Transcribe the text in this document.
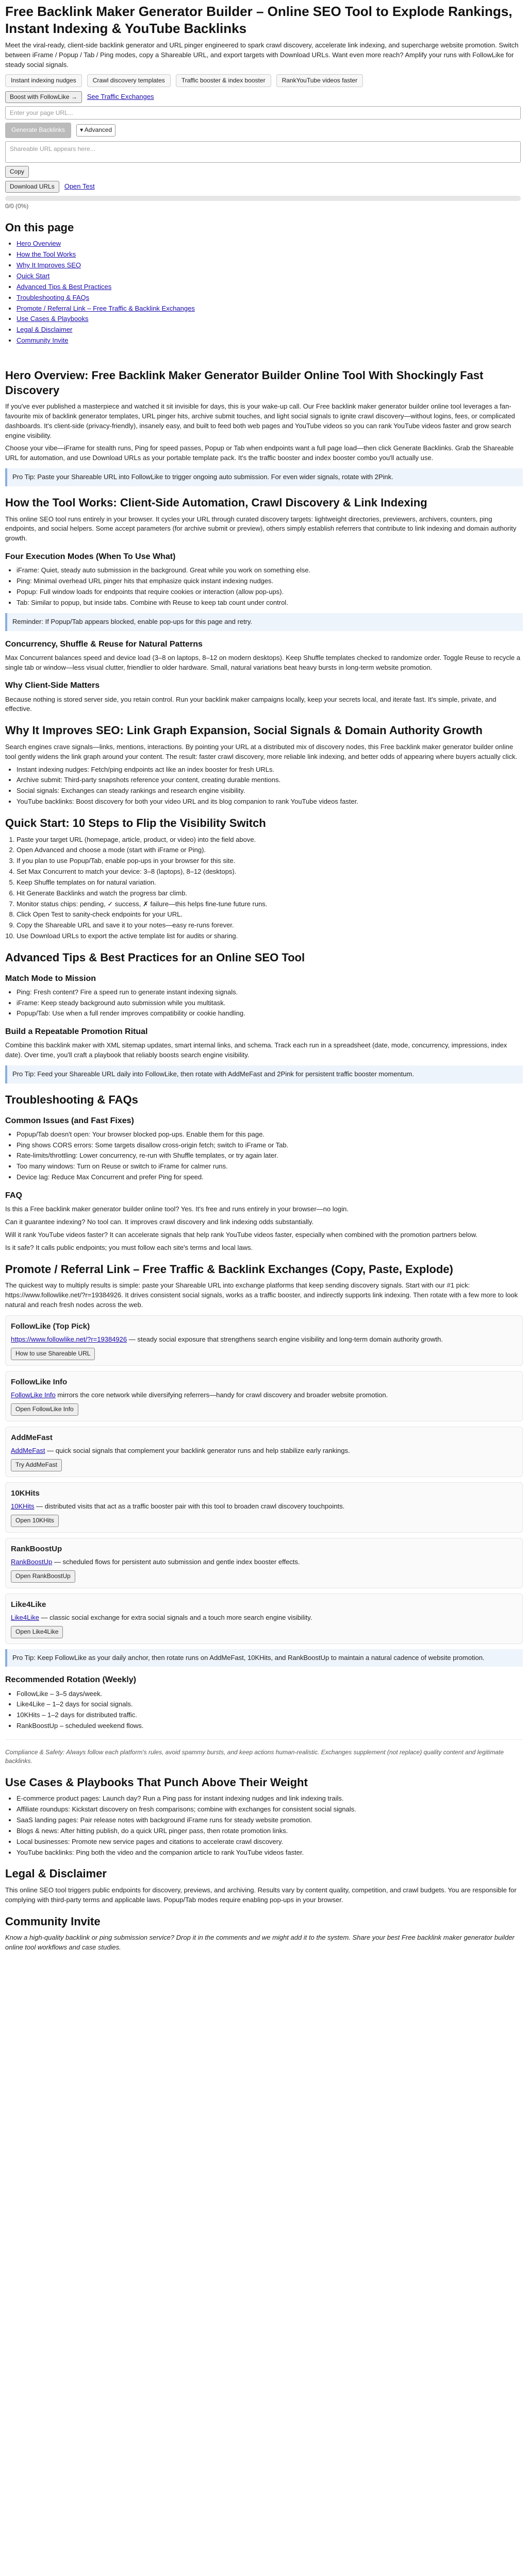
Free Backlink Maker Generator Builder – Online SEO Tool to Explode Rankings, Instant Indexing & YouTube Backlinks

Meet the viral-ready, client-side backlink generator and URL pinger engineered to spark crawl discovery, accelerate link indexing, and supercharge website promotion. Switch between iFrame / Popup / Tab / Ping modes, copy a Shareable URL, and export targets with Download URLs. Want even more reach? Amplify your runs with FollowLike for steady social signals.

Instant indexing nudges	Crawl discovery templates	Traffic booster & index booster	RankYouTube videos faster
Boost with FollowLike →	See Traffic Exchanges
Enter your page URL...
Generate Backlinks	▾ Advanced
Shareable URL appears here...
Copy
Download URLs	Open Test
0/0 (0%)
On this page
• Hero Overview
• How the Tool Works
• Why It Improves SEO
• Quick Start
• Advanced Tips & Best Practices
• Troubleshooting & FAQs
• Promote / Referral Link – Free Traffic & Backlink Exchanges
• Use Cases & Playbooks
• Legal & Disclaimer
• Community Invite
Hero Overview: Free Backlink Maker Generator Builder Online Tool With Shockingly Fast Discovery

If you've ever published a masterpiece and watched it sit invisible for days, this is your wake-up call. Our Free backlink maker generator builder online tool leverages a fan-favourite mix of backlink generator templates, URL pinger hits, archive submit touches, and light social signals to ignite crawl discovery—without logins, fees, or complicated dashboards. It's client-side (privacy-friendly), insanely easy, and built to feed both web pages and YouTube videos so you can rank YouTube videos faster and grow search engine visibility.

Choose your vibe—iFrame for stealth runs, Ping for speed passes, Popup or Tab when endpoints want a full page load—then click Generate Backlinks. Grab the Shareable URL for automation, and use Download URLs as your portable template pack. It's the traffic booster and index booster combo you'll actually use.

Pro Tip: Paste your Shareable URL into FollowLike to trigger ongoing auto submission. For even wider signals, rotate with 2Pink.
How the Tool Works: Client-Side Automation, Crawl Discovery & Link Indexing

This online SEO tool runs entirely in your browser. It cycles your URL through curated discovery targets: lightweight directories, previewers, archivers, counters, ping endpoints, and social helpers. Some accept parameters (for archive submit or preview), others simply establish referrers that contribute to link indexing and domain authority growth.

Four Execution Modes (When To Use What)
• iFrame: Quiet, steady auto submission in the background. Great while you work on something else.
• Ping: Minimal overhead URL pinger hits that emphasize quick instant indexing nudges.
• Popup: Full window loads for endpoints that require cookies or interaction (allow pop-ups).
• Tab: Similar to popup, but inside tabs. Combine with Reuse to keep tab count under control.
Reminder: If Popup/Tab appears blocked, enable pop-ups for this page and retry.
Concurrency, Shuffle & Reuse for Natural Patterns

Max Concurrent balances speed and device load (3–8 on laptops, 8–12 on modern desktops). Keep Shuffle templates checked to randomize order. Toggle Reuse to recycle a single tab or window—less visual clutter, friendlier to older hardware. Small, natural variations beat heavy bursts in long-term website promotion.

Why Client-Side Matters

Because nothing is stored server side, you retain control. Run your backlink maker campaigns locally, keep your secrets local, and iterate fast. It's simple, private, and effective.

Why It Improves SEO: Link Graph Expansion, Social Signals & Domain Authority Growth

Search engines crave signals—links, mentions, interactions. By pointing your URL at a distributed mix of discovery nodes, this Free backlink maker generator builder online tool gently widens the link graph around your content. The result: faster crawl discovery, more reliable link indexing, and better odds of appearing where buyers actually click.

• Instant indexing nudges: Fetch/ping endpoints act like an index booster for fresh URLs.
• Archive submit: Third-party snapshots reference your content, creating durable mentions.
• Social signals: Exchanges can steady rankings and research engine visibility.
• YouTube backlinks: Boost discovery for both your video URL and its blog companion to rank YouTube videos faster.
Quick Start: 10 Steps to Flip the Visibility Switch
1. Paste your target URL (homepage, article, product, or video) into the field above.
2. Open Advanced and choose a mode (start with iFrame or Ping).
3. If you plan to use Popup/Tab, enable pop-ups in your browser for this site.
4. Set Max Concurrent to match your device: 3–8 (laptops), 8–12 (desktops).
5. Keep Shuffle templates on for natural variation.
6. Hit Generate Backlinks and watch the progress bar climb.
7. Monitor status chips: pending, ✓ success, ✗ failure—this helps fine-tune future runs.
8. Click Open Test to sanity-check endpoints for your URL.
9. Copy the Shareable URL and save it to your notes—easy re-runs forever.
10. Use Download URLs to export the active template list for audits or sharing.
Advanced Tips & Best Practices for an Online SEO Tool
Match Mode to Mission
• Ping: Fresh content? Fire a speed run to generate instant indexing signals.
• iFrame: Keep steady background auto submission while you multitask.
• Popup/Tab: Use when a full render improves compatibility or cookie handling.
Build a Repeatable Promotion Ritual

Combine this backlink maker with XML sitemap updates, smart internal links, and schema. Track each run in a spreadsheet (date, mode, concurrency, impressions, index date). Over time, you'll craft a playbook that reliably boosts search engine visibility.

Pro Tip: Feed your Shareable URL daily into FollowLike, then rotate with AddMeFast and 2Pink for persistent traffic booster momentum.
Troubleshooting & FAQs
Common Issues (and Fast Fixes)
• Popup/Tab doesn't open: Your browser blocked pop-ups. Enable them for this page.
• Ping shows CORS errors: Some targets disallow cross-origin fetch; switch to iFrame or Tab.
• Rate-limits/throttling: Lower concurrency, re-run with Shuffle templates, or try again later.
• Too many windows: Turn on Reuse or switch to iFrame for calmer runs.
• Device lag: Reduce Max Concurrent and prefer Ping for speed.
FAQ

Is this a Free backlink maker generator builder online tool? Yes. It's free and runs entirely in your browser—no login.

Can it guarantee indexing? No tool can. It improves crawl discovery and link indexing odds substantially.

Will it rank YouTube videos faster? It can accelerate signals that help rank YouTube videos faster, especially when combined with the promotion partners below.

Is it safe? It calls public endpoints; you must follow each site's terms and local laws.

Promote / Referral Link – Free Traffic & Backlink Exchanges (Copy, Paste, Explode)

The quickest way to multiply results is simple: paste your Shareable URL into exchange platforms that keep sending discovery signals. Start with our #1 pick: https://www.followlike.net/?r=19384926. It drives consistent social signals, works as a traffic booster, and indirectly supports link indexing. Then rotate with a few more to look natural and reach fresh nodes across the web.

FollowLike (Top Pick)

https://www.followlike.net/?r=19384926 — steady social exposure that strengthens search engine visibility and long-term domain authority growth.

How to use Shareable URL
FollowLike Info

FollowLike Info mirrors the core network while diversifying referrers—handy for crawl discovery and broader website promotion.

Open FollowLike Info
AddMeFast

AddMeFast — quick social signals that complement your backlink generator runs and help stabilize early rankings.

Try AddMeFast
10KHits

10KHits — distributed visits that act as a traffic booster pair with this tool to broaden crawl discovery touchpoints.

Open 10KHits
RankBoostUp

RankBoostUp — scheduled flows for persistent auto submission and gentle index booster effects.

Open RankBoostUp
Like4Like

Like4Like — classic social exchange for extra social signals and a touch more search engine visibility.

Open Like4Like
Pro Tip: Keep FollowLike as your daily anchor, then rotate runs on AddMeFast, 10KHits, and RankBoostUp to maintain a natural cadence of website promotion.
Recommended Rotation (Weekly)
• FollowLike – 3–5 days/week.
• Like4Like – 1–2 days for social signals.
• 10KHits – 1–2 days for distributed traffic.
• RankBoostUp – scheduled weekend flows.

Compliance & Safety: Always follow each platform's rules, avoid spammy bursts, and keep actions human-realistic. Exchanges supplement (not replace) quality content and legitimate backlinks.

Use Cases & Playbooks That Punch Above Their Weight
• E-commerce product pages: Launch day? Run a Ping pass for instant indexing nudges and link indexing trails.
• Affiliate roundups: Kickstart discovery on fresh comparisons; combine with exchanges for consistent social signals.
• SaaS landing pages: Pair release notes with background iFrame runs for steady website promotion.
• Blogs & news: After hitting publish, do a quick URL pinger pass, then rotate promotion links.
• Local businesses: Promote new service pages and citations to accelerate crawl discovery.
• YouTube backlinks: Ping both the video and the companion article to rank YouTube videos faster.
Legal & Disclaimer

This online SEO tool triggers public endpoints for discovery, previews, and archiving. Results vary by content quality, competition, and crawl budgets. You are responsible for complying with third-party terms and applicable laws. Popup/Tab modes require enabling pop-ups in your browser.

Community Invite

Know a high-quality backlink or ping submission service? Drop it in the comments and we might add it to the system. Share your best Free backlink maker generator builder online tool workflows and case studies.
